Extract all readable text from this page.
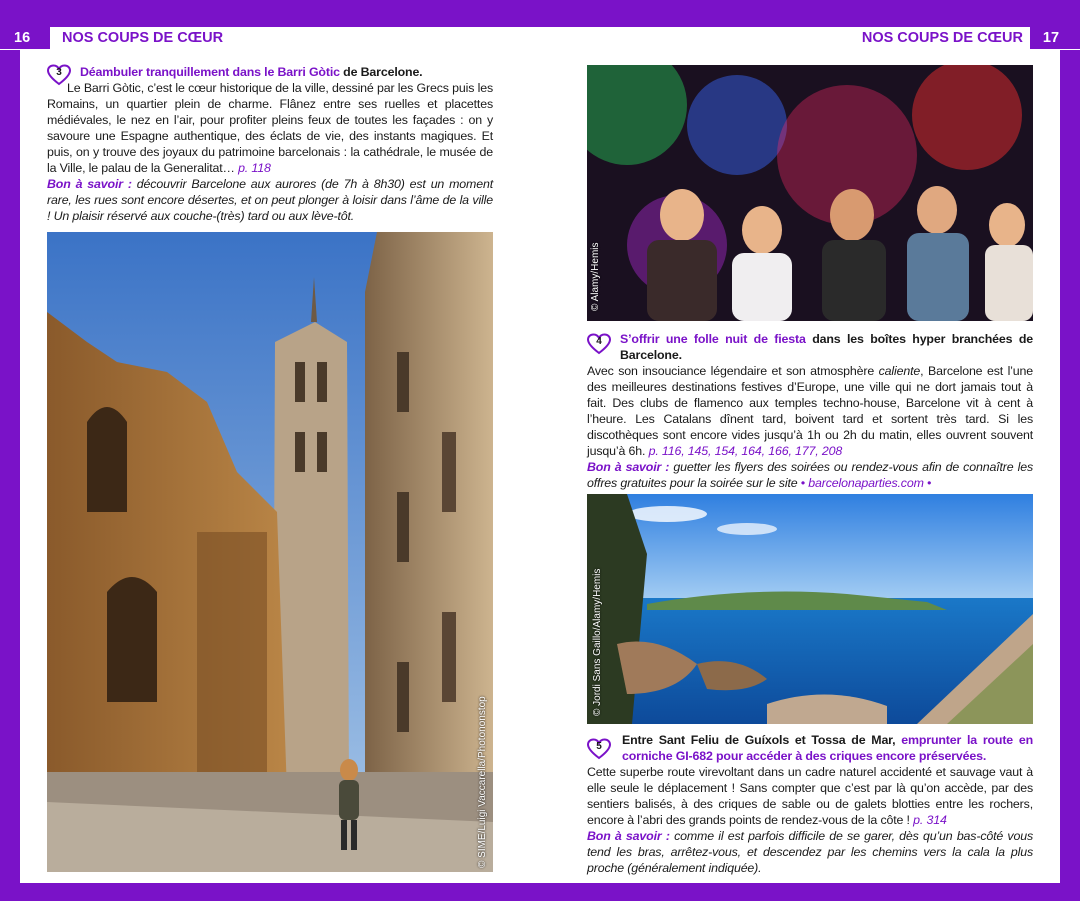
16	NOS COUPS DE CŒUR	NOS COUPS DE CŒUR	17
3	Déambuler tranquillement dans le Barri Gòtic de Barcelone.
Le Barri Gòtic, c’est le cœur historique de la ville, dessiné par les Grecs puis les Romains, un quartier plein de charme. Flânez entre ses ruelles et placettes médiévales, le nez en l’air, pour profiter pleins feux de toutes les façades : on y savoure une Espagne authentique, des éclats de vie, des instants magiques. Et puis, on y trouve des joyaux du patrimoine barcelonais : la cathédrale, le musée de la Ville, le palau de la Generalitat… p. 118
Bon à savoir : découvrir Barcelone aux aurores (de 7h à 8h30) est un moment rare, les rues sont encore désertes, et on peut plonger à loisir dans l’âme de la ville ! Un plaisir réservé aux couche-(très) tard ou aux lève-tôt.
© SIME/Luigi Vaccarella/Photononstop
© Alamy/Hemis
4	S’offrir une folle nuit de fiesta dans les boîtes hyper branchées de Barcelone.
Avec son insouciance légendaire et son atmosphère caliente, Barcelone est l’une des meilleures destinations festives d’Europe, une ville qui ne dort jamais tout à fait. Des clubs de flamenco aux temples techno-house, Barcelone vit à cent à l’heure. Les Catalans dînent tard, boivent tard et sortent très tard. Si les discothèques sont encore vides jusqu’à 1h ou 2h du matin, elles ouvrent souvent jusqu’à 6h. p. 116, 145, 154, 164, 166, 177, 208
Bon à savoir : guetter les flyers des soirées ou rendez-vous afin de connaître les offres gratuites pour la soirée sur le site • barcelonaparties.com •
© Jordi Sans Gaillo/Alamy/Hemis
5	Entre Sant Feliu de Guíxols et Tossa de Mar, emprunter la route en corniche GI-682 pour accéder à des criques encore préservées.
Cette superbe route virevoltant dans un cadre naturel accidenté et sauvage vaut à elle seule le déplacement ! Sans compter que c’est par là qu’on accède, par des sentiers balisés, à des criques de sable ou de galets blotties entre les rochers, encore à l’abri des grands points de rendez-vous de la côte ! p. 314
Bon à savoir : comme il est parfois difficile de se garer, dès qu’un bas-côté vous tend les bras, arrêtez-vous, et descendez par les chemins vers la cala la plus proche (généralement indiquée).
